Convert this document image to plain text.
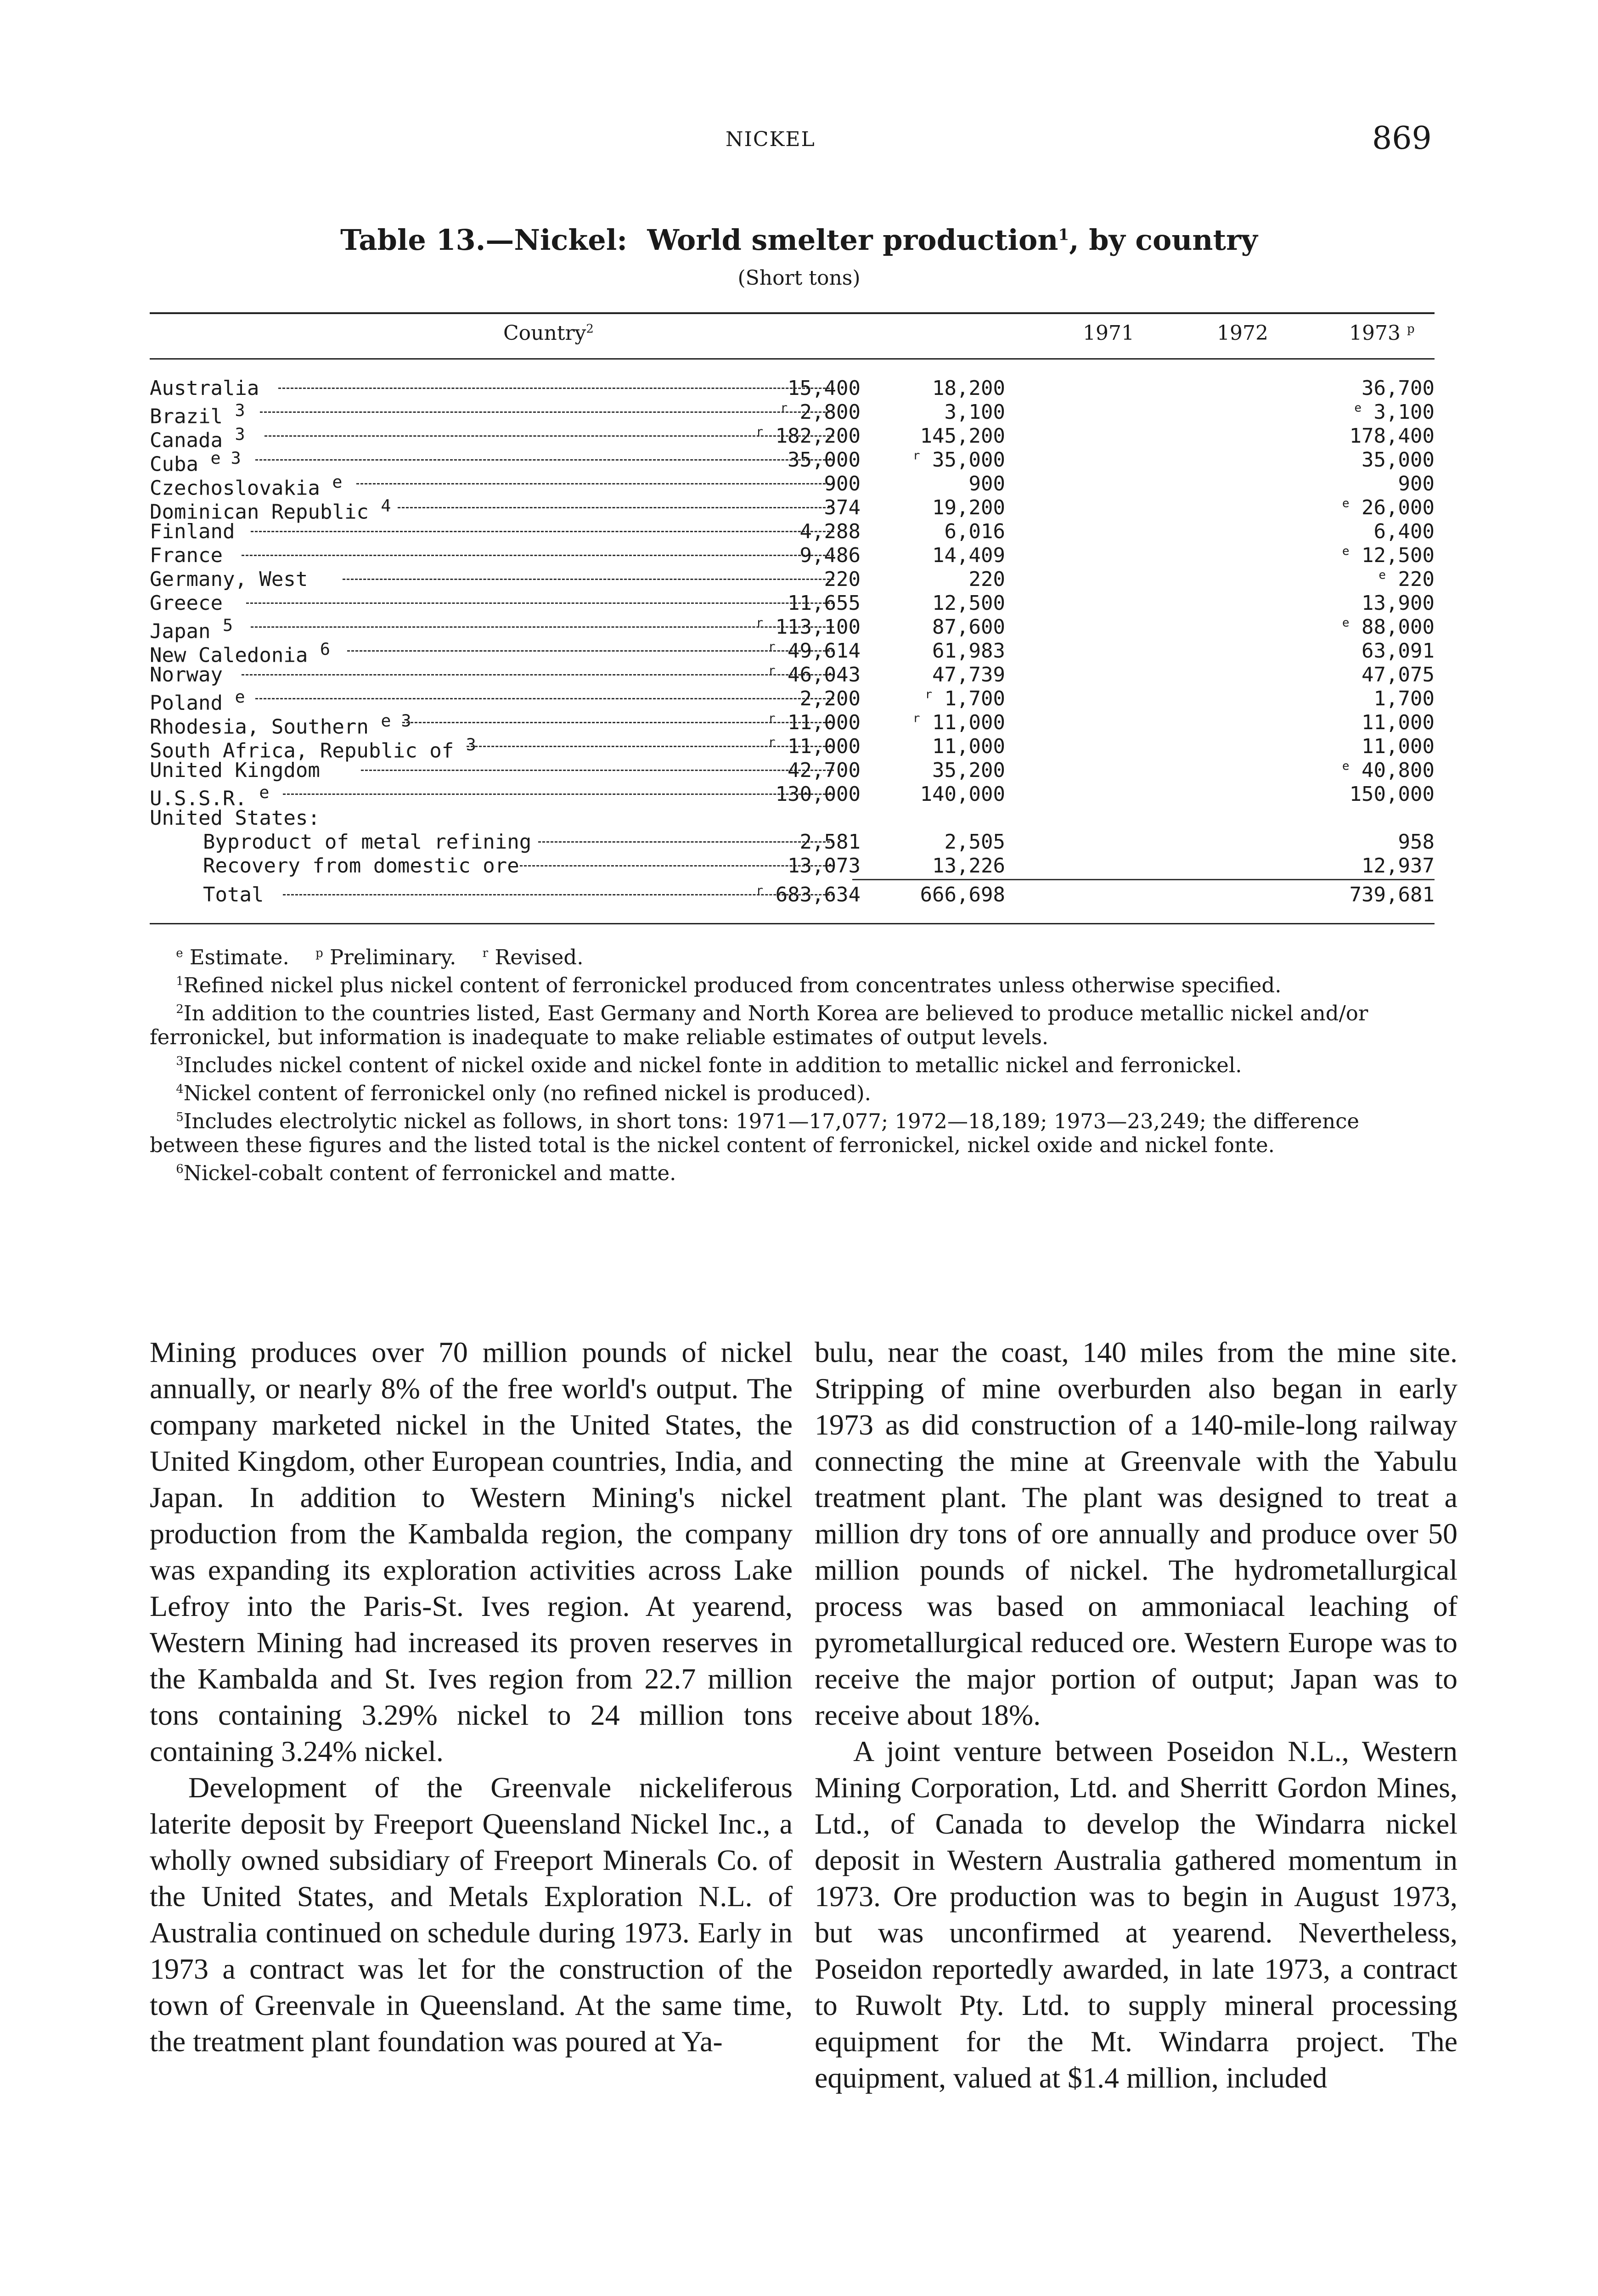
NICKEL	869
Table 13.—Nickel: World smelter production$^1$, by country
(Short tons)
Country$^2$	1971	1972	1973 $^p$
Australia	15,400	18,200	36,700
Brazil $^3$	$^r$ 2,800	3,100	$^e$ 3,100
Canada $^3$	$^r$ 182,200	145,200	178,400
Cuba $^{e 3}$	35,000	$^r$ 35,000	35,000
Czechoslovakia $^e$	900	900	900
Dominican Republic $^4$	374	19,200	$^e$ 26,000
Finland	4,288	6,016	6,400
France	9,486	14,409	$^e$ 12,500
Germany, West	220	220	$^e$ 220
Greece	11,655	12,500	13,900
Japan $^5$	$^r$ 113,100	87,600	$^e$ 88,000
New Caledonia $^6$	$^r$ 49,614	61,983	63,091
Norway	$^r$ 46,043	47,739	47,075
Poland $^e$	2,200	$^r$ 1,700	1,700
Rhodesia, Southern $^{e 3}$	$^r$ 11,000	$^r$ 11,000	11,000
South Africa, Republic of $^3$	$^r$ 11,000	11,000	11,000
United Kingdom	42,700	35,200	$^e$ 40,800
U.S.S.R. $^e$	130,000	140,000	150,000
United States:
Byproduct of metal refining	2,581	2,505	958
Recovery from domestic ore	13,073	13,226	12,937
Total	$^r$ 683,634	666,698	739,681

$^e$ Estimate. $^p$ Preliminary. $^r$ Revised.

$^1$Refined nickel plus nickel content of ferronickel produced from concentrates unless otherwise specified.

$^2$In addition to the countries listed, East Germany and North Korea are believed to produce metallic nickel and/or ferronickel, but information is inadequate to make reliable estimates of output levels.

$^3$Includes nickel content of nickel oxide and nickel fonte in addition to metallic nickel and ferronickel.

$^4$Nickel content of ferronickel only (no refined nickel is produced).

$^5$Includes electrolytic nickel as follows, in short tons: 1971—17,077; 1972—18,189; 1973—23,249; the difference between these figures and the listed total is the nickel content of ferronickel, nickel oxide and nickel fonte.

$^6$Nickel-cobalt content of ferronickel and matte.

Mining produces over 70 million pounds of nickel annually, or nearly 8% of the free world's output. The company marketed nickel in the United States, the United Kingdom, other European countries, India, and Japan. In addition to Western Mining's nickel production from the Kambalda region, the company was expanding its exploration activities across Lake Lefroy into the Paris-St. Ives region. At yearend, Western Mining had increased its proven reserves in the Kambalda and St. Ives region from 22.7 million tons containing 3.29% nickel to 24 million tons containing 3.24% nickel.

Development of the Greenvale nickeliferous laterite deposit by Freeport Queensland Nickel Inc., a wholly owned subsidiary of Freeport Minerals Co. of the United States, and Metals Exploration N.L. of Australia continued on schedule during 1973. Early in 1973 a contract was let for the construction of the town of Greenvale in Queensland. At the same time, the treatment plant foundation was poured at Ya-

bulu, near the coast, 140 miles from the mine site. Stripping of mine overburden also began in early 1973 as did construction of a 140-mile-long railway connecting the mine at Greenvale with the Yabulu treatment plant. The plant was designed to treat a million dry tons of ore annually and produce over 50 million pounds of nickel. The hydrometallurgical process was based on ammoniacal leaching of pyrometallurgical reduced ore. Western Europe was to receive the major portion of output; Japan was to receive about 18%.

A joint venture between Poseidon N.L., Western Mining Corporation, Ltd. and Sherritt Gordon Mines, Ltd., of Canada to develop the Windarra nickel deposit in Western Australia gathered momentum in 1973. Ore production was to begin in August 1973, but was unconfirmed at yearend. Nevertheless, Poseidon reportedly awarded, in late 1973, a contract to Ruwolt Pty. Ltd. to supply mineral processing equipment for the Mt. Windarra project. The equipment, valued at $1.4 million, included
